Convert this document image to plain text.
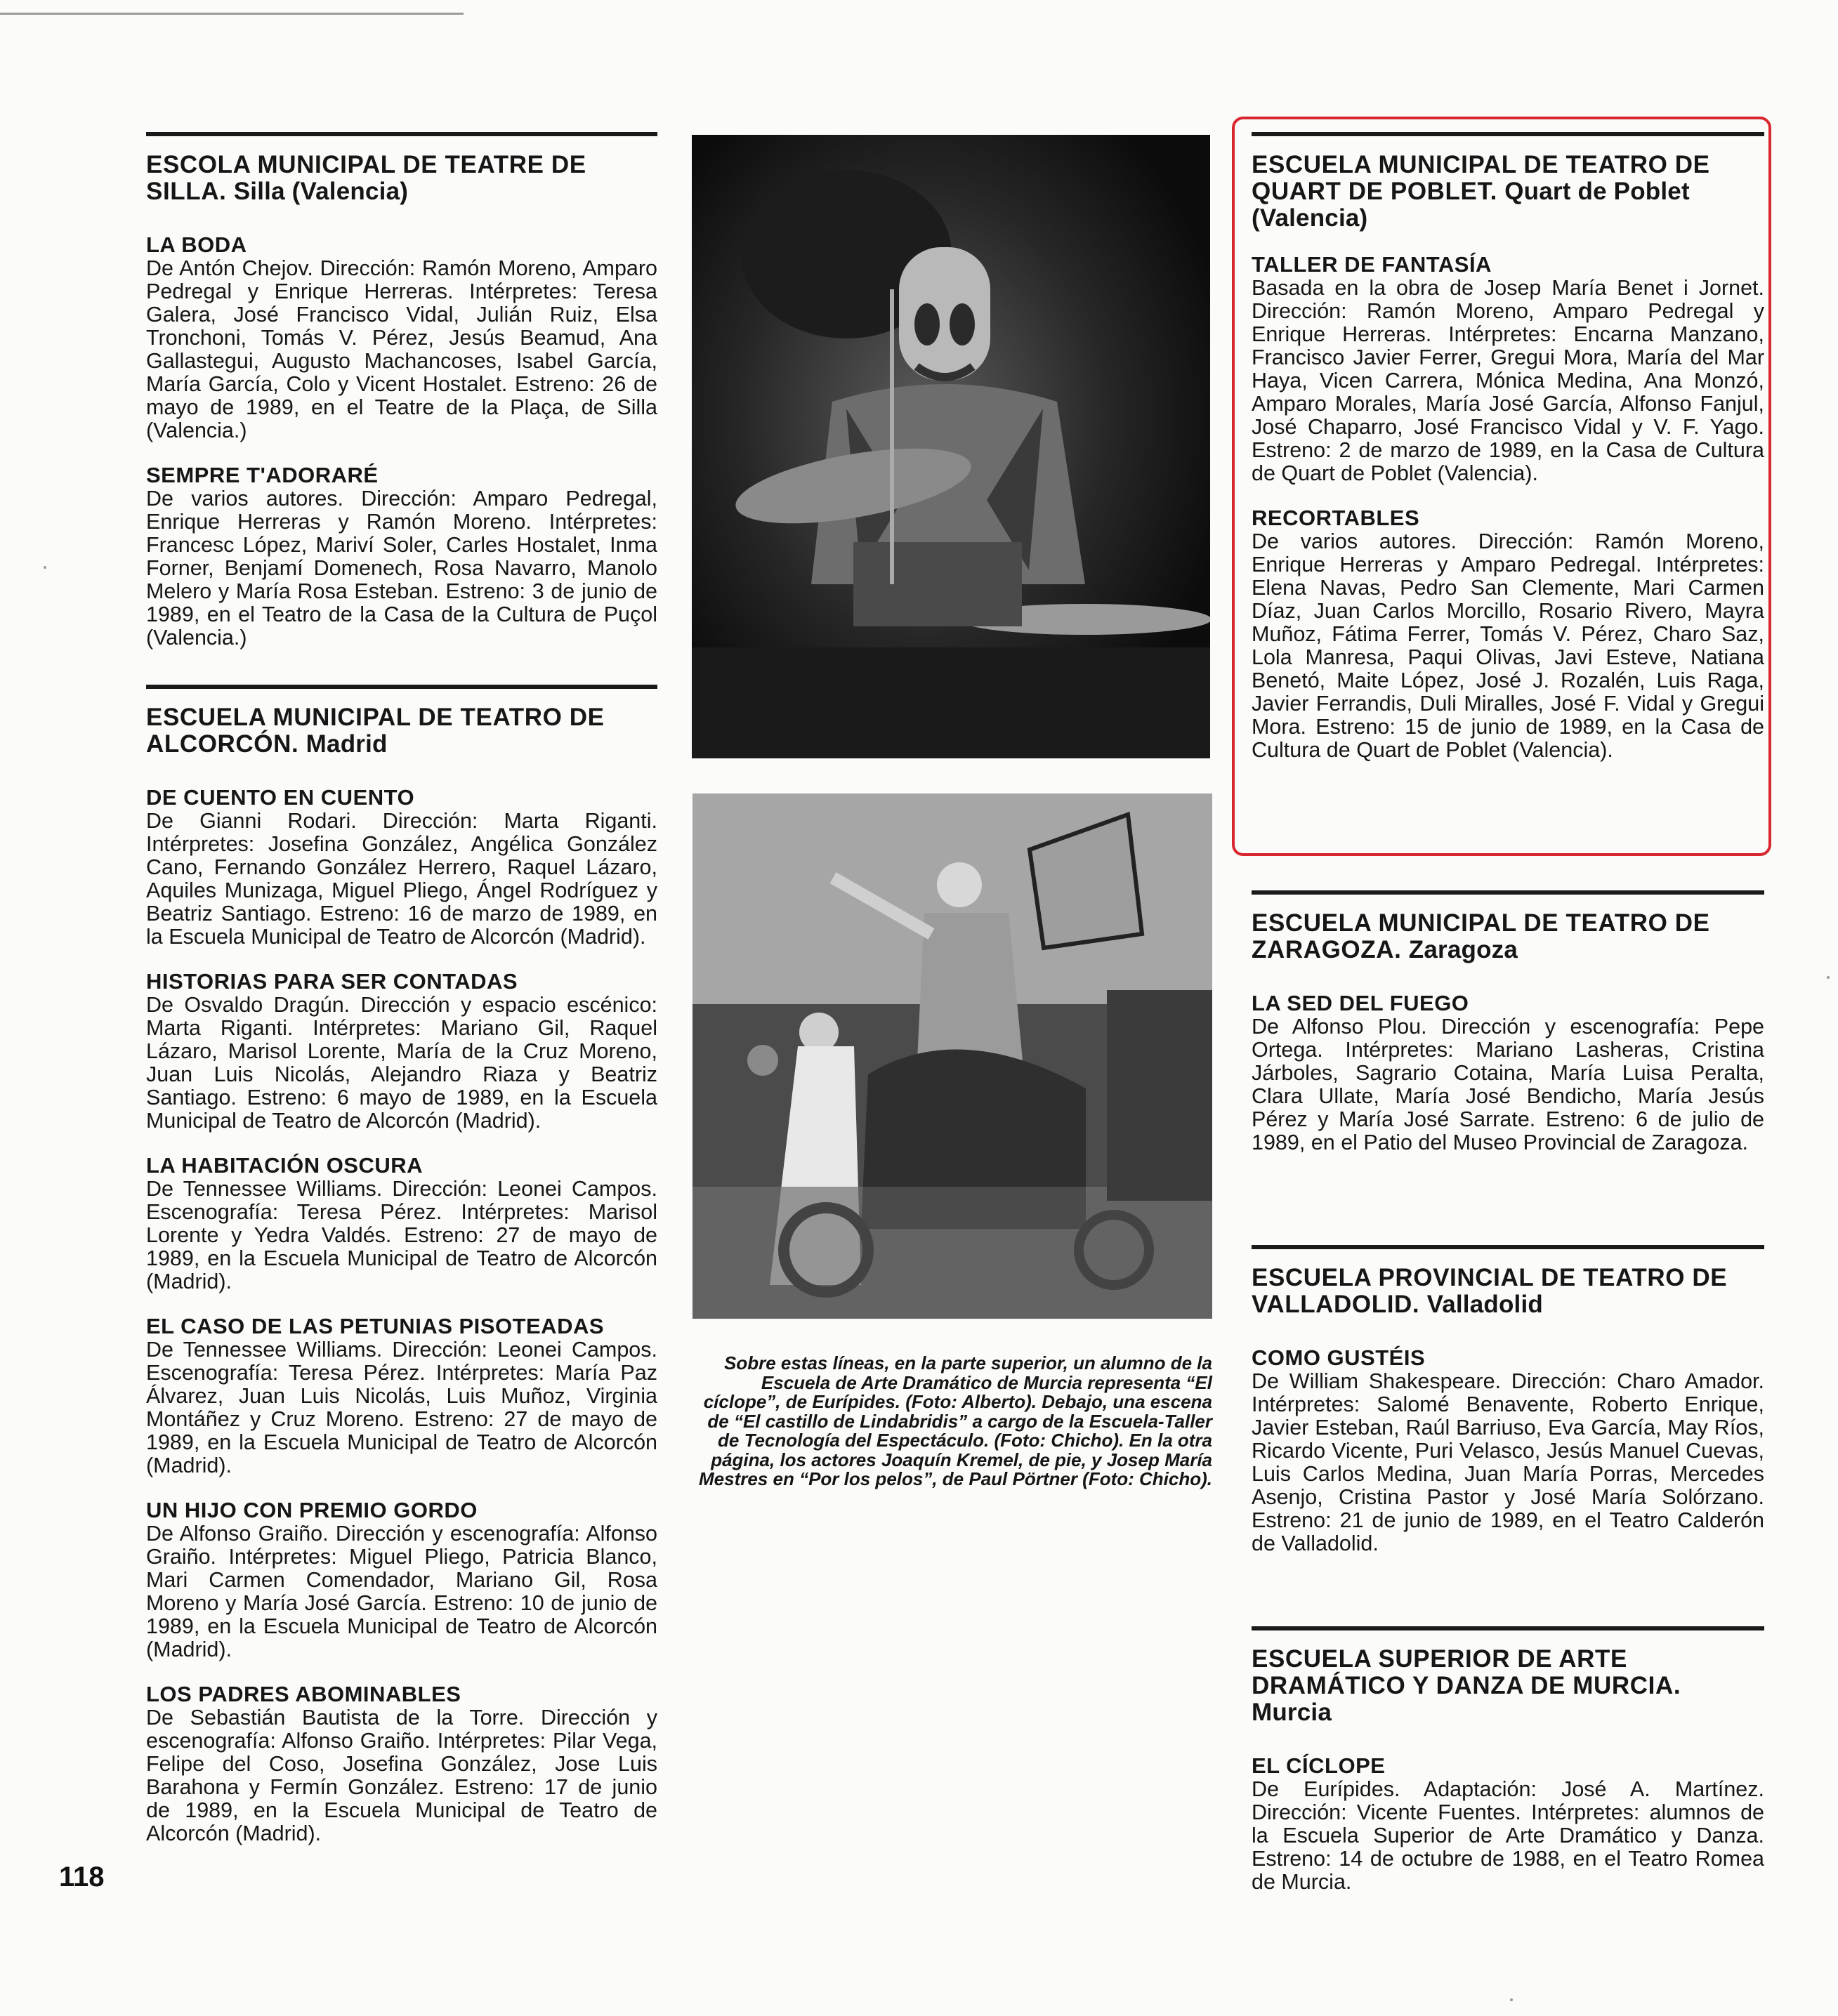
ESCOLA MUNICIPAL DE TEATRE DE
SILLA. Silla (Valencia)

LA BODA

De Antón Chejov. Dirección: Ramón Moreno, Amparo Pedregal y Enrique Herreras. Intérpretes: Teresa Galera, José Francisco Vidal, Julián Ruiz, Elsa Tronchoni, Tomás V. Pérez, Jesús Beamud, Ana Gallastegui, Augusto Machancoses, Isabel García, María García, Colo y Vicent Hostalet. Estreno: 26 de mayo de 1989, en el Teatre de la Plaça, de Silla (Valencia.)

SEMPRE T'ADORARÉ

De varios autores. Dirección: Amparo Pedregal, Enrique Herreras y Ramón Moreno. Intérpretes: Francesc López, Mariví Soler, Carles Hostalet, Inma Forner, Benjamí Domenech, Rosa Navarro, Manolo Melero y María Rosa Esteban. Estreno: 3 de junio de 1989, en el Teatro de la Casa de la Cultura de Puçol (Valencia.)

ESCUELA MUNICIPAL DE TEATRO DE
ALCORCÓN. Madrid

DE CUENTO EN CUENTO

De Gianni Rodari. Dirección: Marta Riganti. Intérpretes: Josefina González, Angélica González Cano, Fernando González Herrero, Raquel Lázaro, Aquiles Munizaga, Miguel Pliego, Ángel Rodríguez y Beatriz Santiago. Estreno: 16 de marzo de 1989, en la Escuela Municipal de Teatro de Alcorcón (Madrid).

HISTORIAS PARA SER CONTADAS

De Osvaldo Dragún. Dirección y espacio escénico: Marta Riganti. Intérpretes: Mariano Gil, Raquel Lázaro, Marisol Lorente, María de la Cruz Moreno, Juan Luis Nicolás, Alejandro Riaza y Beatriz Santiago. Estreno: 6 mayo de 1989, en la Escuela Municipal de Teatro de Alcorcón (Madrid).

LA HABITACIÓN OSCURA

De Tennessee Williams. Dirección: Leonei Campos. Escenografía: Teresa Pérez. Intérpretes: Marisol Lorente y Yedra Valdés. Estreno: 27 de mayo de 1989, en la Escuela Municipal de Teatro de Alcorcón (Madrid).

EL CASO DE LAS PETUNIAS PISOTEADAS

De Tennessee Williams. Dirección: Leonei Campos. Escenografía: Teresa Pérez. Intérpretes: María Paz Álvarez, Juan Luis Nicolás, Luis Muñoz, Virginia Montáñez y Cruz Moreno. Estreno: 27 de mayo de 1989, en la Escuela Municipal de Teatro de Alcorcón (Madrid).

UN HIJO CON PREMIO GORDO

De Alfonso Graiño. Dirección y escenografía: Alfonso Graiño. Intérpretes: Miguel Pliego, Patricia Blanco, Mari Carmen Comendador, Mariano Gil, Rosa Moreno y María José García. Estreno: 10 de junio de 1989, en la Escuela Municipal de Teatro de Alcorcón (Madrid).

LOS PADRES ABOMINABLES

De Sebastián Bautista de la Torre. Dirección y escenografía: Alfonso Graiño. Intérpretes: Pilar Vega, Felipe del Coso, Josefina González, Jose Luis Barahona y Fermín González. Estreno: 17 de junio de 1989, en la Escuela Municipal de Teatro de Alcorcón (Madrid).

Sobre estas líneas, en la parte superior, un alumno de la Escuela de Arte Dramático de Murcia representa “El cíclope”, de Eurípides. (Foto: Alberto). Debajo, una escena de “El castillo de Lindabridis” a cargo de la Escuela-Taller de Tecnología del Espectáculo. (Foto: Chicho). En la otra página, los actores Joaquín Kremel, de pie, y Josep María Mestres en “Por los pelos”, de Paul Pörtner (Foto: Chicho).

ESCUELA MUNICIPAL DE TEATRO DE
QUART DE POBLET. Quart de Poblet (Valencia)

TALLER DE FANTASÍA

Basada en la obra de Josep María Benet i Jornet. Dirección: Ramón Moreno, Amparo Pedregal y Enrique Herreras. Intérpretes: Encarna Manzano, Francisco Javier Ferrer, Gregui Mora, María del Mar Haya, Vicen Carrera, Mónica Medina, Ana Monzó, Amparo Morales, María José García, Alfonso Fanjul, José Chaparro, José Francisco Vidal y V. F. Yago. Estreno: 2 de marzo de 1989, en la Casa de Cultura de Quart de Poblet (Valencia).

RECORTABLES

De varios autores. Dirección: Ramón Moreno, Enrique Herreras y Amparo Pedregal. Intérpretes: Elena Navas, Pedro San Clemente, Mari Carmen Díaz, Juan Carlos Morcillo, Rosario Rivero, Mayra Muñoz, Fátima Ferrer, Tomás V. Pérez, Charo Saz, Lola Manresa, Paqui Olivas, Javi Esteve, Natiana Benetó, Maite López, José J. Rozalén, Luis Raga, Javier Ferrandis, Duli Miralles, José F. Vidal y Gregui Mora. Estreno: 15 de junio de 1989, en la Casa de Cultura de Quart de Poblet (Valencia).

ESCUELA MUNICIPAL DE TEATRO DE
ZARAGOZA. Zaragoza

LA SED DEL FUEGO

De Alfonso Plou. Dirección y escenografía: Pepe Ortega. Intérpretes: Mariano Lasheras, Cristina Járboles, Sagrario Cotaina, María Luisa Peralta, Clara Ullate, María José Bendicho, María Jesús Pérez y María José Sarrate. Estreno: 6 de julio de 1989, en el Patio del Museo Provincial de Zaragoza.

ESCUELA PROVINCIAL DE TEATRO DE
VALLADOLID. Valladolid

COMO GUSTÉIS

De William Shakespeare. Dirección: Charo Amador. Intérpretes: Salomé Benavente, Roberto Enrique, Javier Esteban, Raúl Barriuso, Eva García, May Ríos, Ricardo Vicente, Puri Velasco, Jesús Manuel Cuevas, Luis Carlos Medina, Juan María Porras, Mercedes Asenjo, Cristina Pastor y José María Solórzano. Estreno: 21 de junio de 1989, en el Teatro Calderón de Valladolid.

ESCUELA SUPERIOR DE ARTE
DRAMÁTICO Y DANZA DE MURCIA.
Murcia

EL CÍCLOPE

De Eurípides. Adaptación: José A. Martínez. Dirección: Vicente Fuentes. Intérpretes: alumnos de la Escuela Superior de Arte Dramático y Danza. Estreno: 14 de octubre de 1988, en el Teatro Romea de Murcia.

118
